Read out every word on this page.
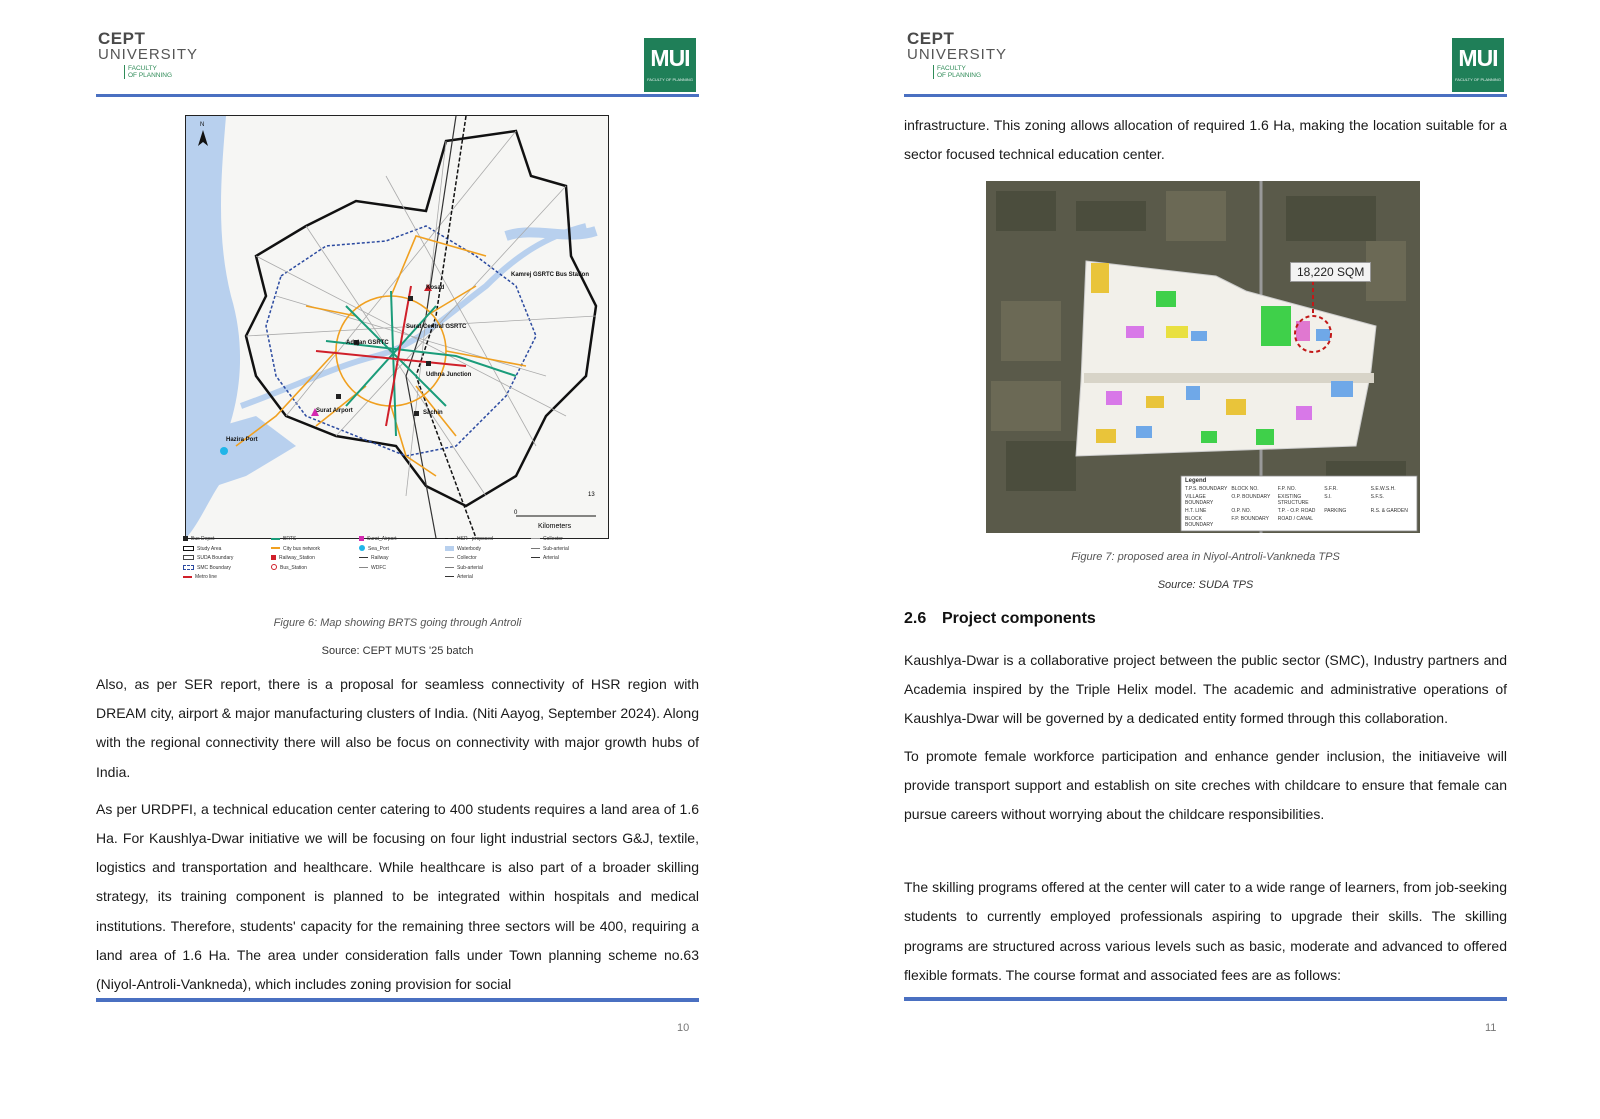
CEPT
UNIVERSITY
FACULTY
OF PLANNING
MUI
FACULTY OF PLANNING
Kosad
Kamrej GSRTC Bus Station
Surat Central GSRTC
Adajan GSRTC
Udhna Junction
Sachin
Surat Airport
Hazira Port
N
0
13
Kilometers
Bus Depot
Study Area
SUDA Boundary
SMC Boundary
Metro line
BRTS
City bus network
Railway_Station
Bus_Station
Surat_Airport
Sea_Port
Railway
WDFC
HSR - proposed
Waterbody
Collector
Sub-arterial
Arterial
Collector
Sub-arterial
Arterial
Figure 6: Map showing BRTS going through Antroli
Source: CEPT MUTS '25 batch

Also, as per SER report, there is a proposal for seamless connectivity of HSR region with DREAM city, airport & major manufacturing clusters of India. (Niti Aayog, September 2024). Along with the regional connectivity there will also be focus on connectivity with major growth hubs of India.

As per URDPFI, a technical education center catering to 400 students requires a land area of 1.6 Ha. For Kaushlya-Dwar initiative we will be focusing on four light industrial sectors G&J, textile, logistics and transportation and healthcare. While healthcare is also part of a broader skilling strategy, its training component is planned to be integrated within hospitals and medical institutions. Therefore, students' capacity for the remaining three sectors will be 400, requiring a land area of 1.6 Ha. The area under consideration falls under Town planning scheme no.63 (Niyol-Antroli-Vankneda), which includes zoning provision for social

10
CEPT
UNIVERSITY
FACULTY
OF PLANNING
MUI
FACULTY OF PLANNING

infrastructure. This zoning allows allocation of required 1.6 Ha, making the location suitable for a sector focused technical education center.

Legend
T.P.S. BOUNDARY BLOCK NO.	F.P. NO.	S.F.R.	S.E.W.S.H.
VILLAGE BOUNDARY
O.P. BOUNDARY	EXISTING STRUCTURE
S.I.	S.F.S.
H.T. LINE	O.P. NO.	T.P. - O.P. ROAD	PARKING	R.S. & GARDEN
BLOCK BOUNDARY
F.P. BOUNDARY	ROAD / CANAL
18,220 SQM
Figure 7: proposed area in Niyol-Antroli-Vankneda TPS
Source: SUDA TPS
2.6 Project components

Kaushlya-Dwar is a collaborative project between the public sector (SMC), Industry partners and Academia inspired by the Triple Helix model. The academic and administrative operations of Kaushlya-Dwar will be governed by a dedicated entity formed through this collaboration.

To promote female workforce participation and enhance gender inclusion, the initiaveive will provide transport support and establish on site creches with childcare to ensure that female can pursue careers without worrying about the childcare responsibilities.

The skilling programs offered at the center will cater to a wide range of learners, from job-seeking students to currently employed professionals aspiring to upgrade their skills. The skilling programs are structured across various levels such as basic, moderate and advanced to offered flexible formats. The course format and associated fees are as follows:

11
